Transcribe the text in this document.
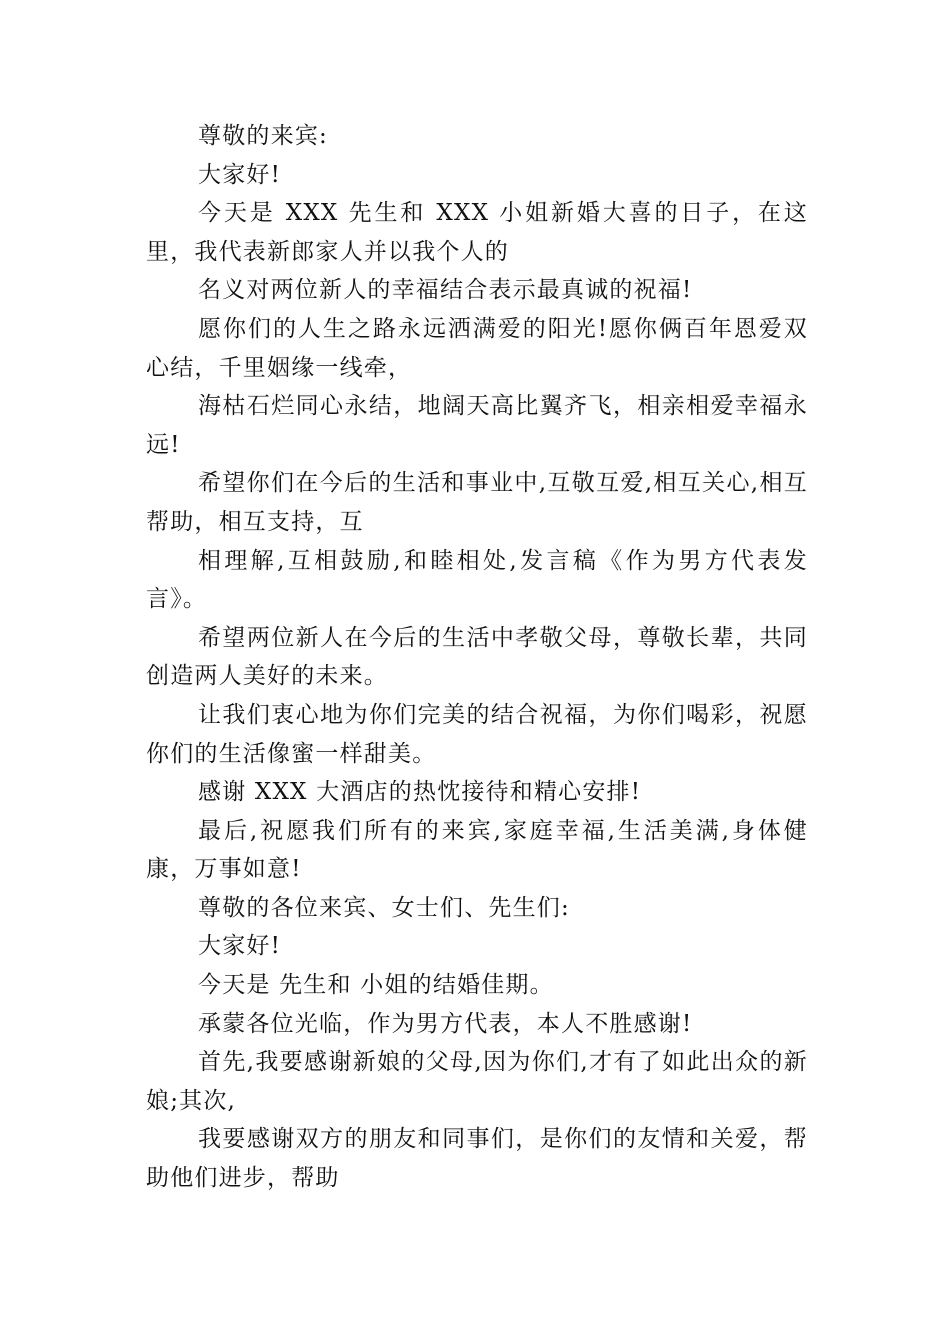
尊敬的来宾:

大家好!

今天是 XXX 先生和 XXX 小姐新婚大喜的日子，在这里，我代表新郎家人并以我个人的

名义对两位新人的幸福结合表示最真诚的祝福!

愿你们的人生之路永远洒满爱的阳光!愿你俩百年恩爱双心结，千里姻缘一线牵，

海枯石烂同心永结，地阔天高比翼齐飞，相亲相爱幸福永远!

希望你们在今后的生活和事业中,互敬互爱,相互关心,相互帮助，相互支持，互

相理解,互相鼓励,和睦相处,发言稿《作为男方代表发言》。

希望两位新人在今后的生活中孝敬父母，尊敬长辈，共同创造两人美好的未来。

让我们衷心地为你们完美的结合祝福，为你们喝彩，祝愿你们的生活像蜜一样甜美。

感谢 XXX 大酒店的热忱接待和精心安排!

最后,祝愿我们所有的来宾,家庭幸福,生活美满,身体健康，万事如意!

尊敬的各位来宾、女士们、先生们:

大家好!

今天是 先生和 小姐的结婚佳期。

承蒙各位光临，作为男方代表，本人不胜感谢!

首先,我要感谢新娘的父母,因为你们,才有了如此出众的新娘;其次,

我要感谢双方的朋友和同事们，是你们的友情和关爱，帮助他们进步，帮助
